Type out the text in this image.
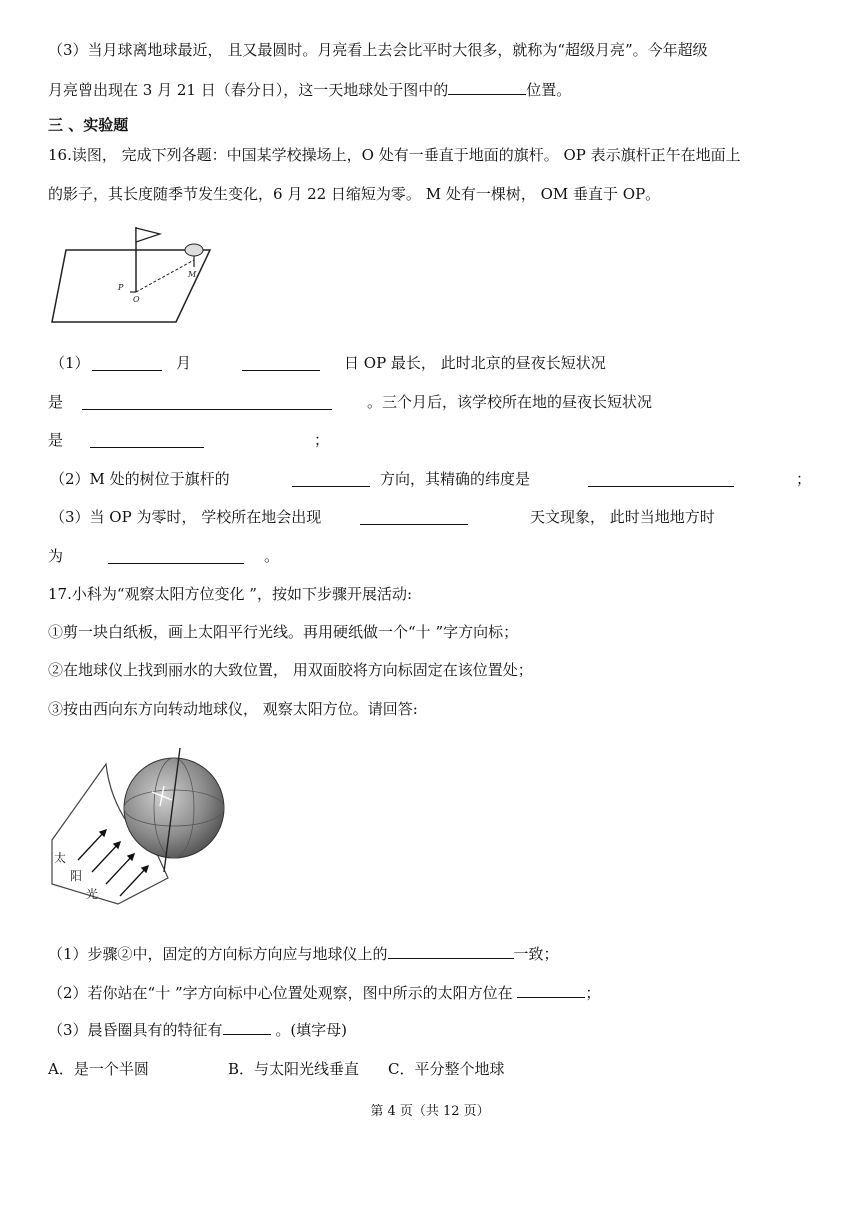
（3）当月球离地球最近， 且又最圆时。月亮看上去会比平时大很多，就称为“超级月亮”。今年超级
月亮曾出现在 3 月 21 日（春分日），这一天地球处于图中的	位置。
三 、实验题
16.读图， 完成下列各题：中国某学校操场上，O 处有一垂直于地面的旗杆。 OP 表示旗杆正午在地面上
的影子，其长度随季节发生变化，6 月 22 日缩短为零。 M 处有一棵树， OM 垂直于 OP。
P
O
M
（1）	月	日 OP 最长， 此时北京的昼夜长短状况
是	。三个月后，该学校所在地的昼夜长短状况
是	；
（2）M 处的树位于旗杆的	方向，其精确的纬度是	；
（3）当 OP 为零时， 学校所在地会出现	天文现象， 此时当地地方时
为	。
17.小科为“观察太阳方位变化 ”，按如下步骤开展活动:
①剪一块白纸板，画上太阳平行光线。再用硬纸做一个“十 ”字方向标；
②在地球仪上找到丽水的大致位置， 用双面胶将方向标固定在该位置处；
③按由西向东方向转动地球仪， 观察太阳方位。请回答:
太
阳
光
（1）步骤②中，固定的方向标方向应与地球仪上的	一致；
（2）若你站在“十 ”字方向标中心位置处观察，图中所示的太阳方位在	；
（3）晨昏圈具有的特征有	。(填字母)
A．是一个半圆	B．与太阳光线垂直 C．平分整个地球
第 4 页（共 12 页）
